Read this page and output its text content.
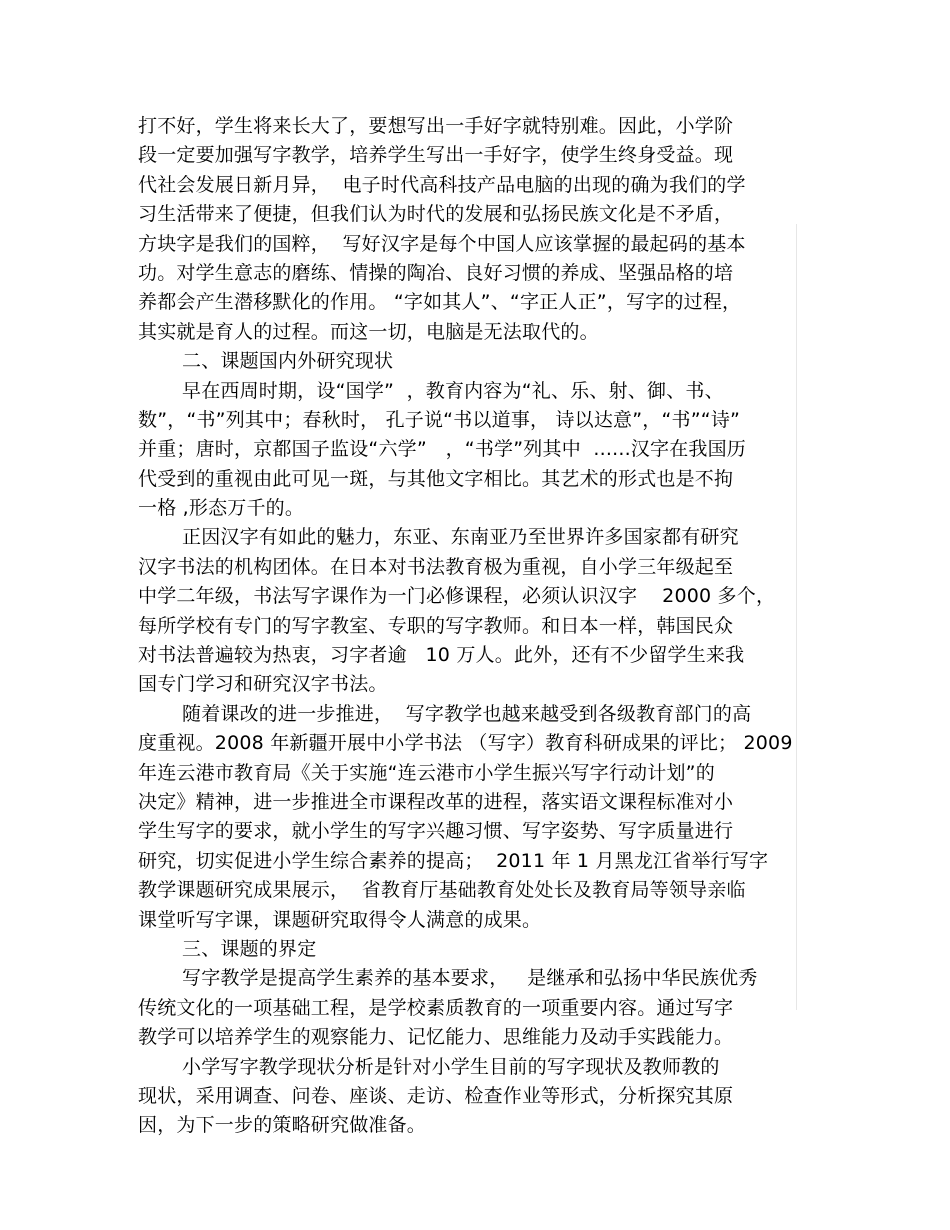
打不好，学生将来长大了，要想写出一手好字就特别难。因此，小学阶
段一定要加强写字教学，培养学生写出一手好字，使学生终身受益。现
代社会发展日新月异，  电子时代高科技产品电脑的出现的确为我们的学
习生活带来了便捷，但我们认为时代的发展和弘扬民族文化是不矛盾，
方块字是我们的国粹，  写好汉字是每个中国人应该掌握的最起码的基本
功。对学生意志的磨练、情操的陶冶、良好习惯的养成、坚强品格的培
养都会产生潜移默化的作用。 “字如其人”、“字正人正”，写字的过程，
其实就是育人的过程。而这一切，电脑是无法取代的。
二、课题国内外研究现状
早在西周时期，设“国学”  ，教育内容为“礼、乐、射、御、书、
数”，“书”列其中；春秋时， 孔子说“书以道事， 诗以达意”，“书”“诗”
并重；唐时，京都国子监设“六学”   ，“书学”列其中  ......汉字在我国历
代受到的重视由此可见一斑，与其他文字相比。其艺术的形式也是不拘
一格 ,形态万千的。
正因汉字有如此的魅力，东亚、东南亚乃至世界许多国家都有研究
汉字书法的机构团体。在日本对书法教育极为重视，自小学三年级起至
中学二年级，书法写字课作为一门必修课程，必须认识汉字    2000 多个，
每所学校有专门的写字教室、专职的写字教师。和日本一样，韩国民众
对书法普遍较为热衷，习字者逾   10 万人。此外，还有不少留学生来我
国专门学习和研究汉字书法。
随着课改的进一步推进，  写字教学也越来越受到各级教育部门的高
度重视。2008 年新疆开展中小学书法 （写字）教育科研成果的评比； 2009
年连云港市教育局《关于实施“连云港市小学生振兴写字行动计划”的
决定》精神，进一步推进全市课程改革的进程，落实语文课程标准对小
学生写字的要求，就小学生的写字兴趣习惯、写字姿势、写字质量进行
研究，切实促进小学生综合素养的提高；  2011 年 1 月黑龙江省举行写字
教学课题研究成果展示，  省教育厅基础教育处处长及教育局等领导亲临
课堂听写字课，课题研究取得令人满意的成果。
三、课题的界定
写字教学是提高学生素养的基本要求，   是继承和弘扬中华民族优秀
传统文化的一项基础工程，是学校素质教育的一项重要内容。通过写字
教学可以培养学生的观察能力、记忆能力、思维能力及动手实践能力。
小学写字教学现状分析是针对小学生目前的写字现状及教师教的
现状，采用调查、问卷、座谈、走访、检查作业等形式，分析探究其原
因，为下一步的策略研究做准备。
